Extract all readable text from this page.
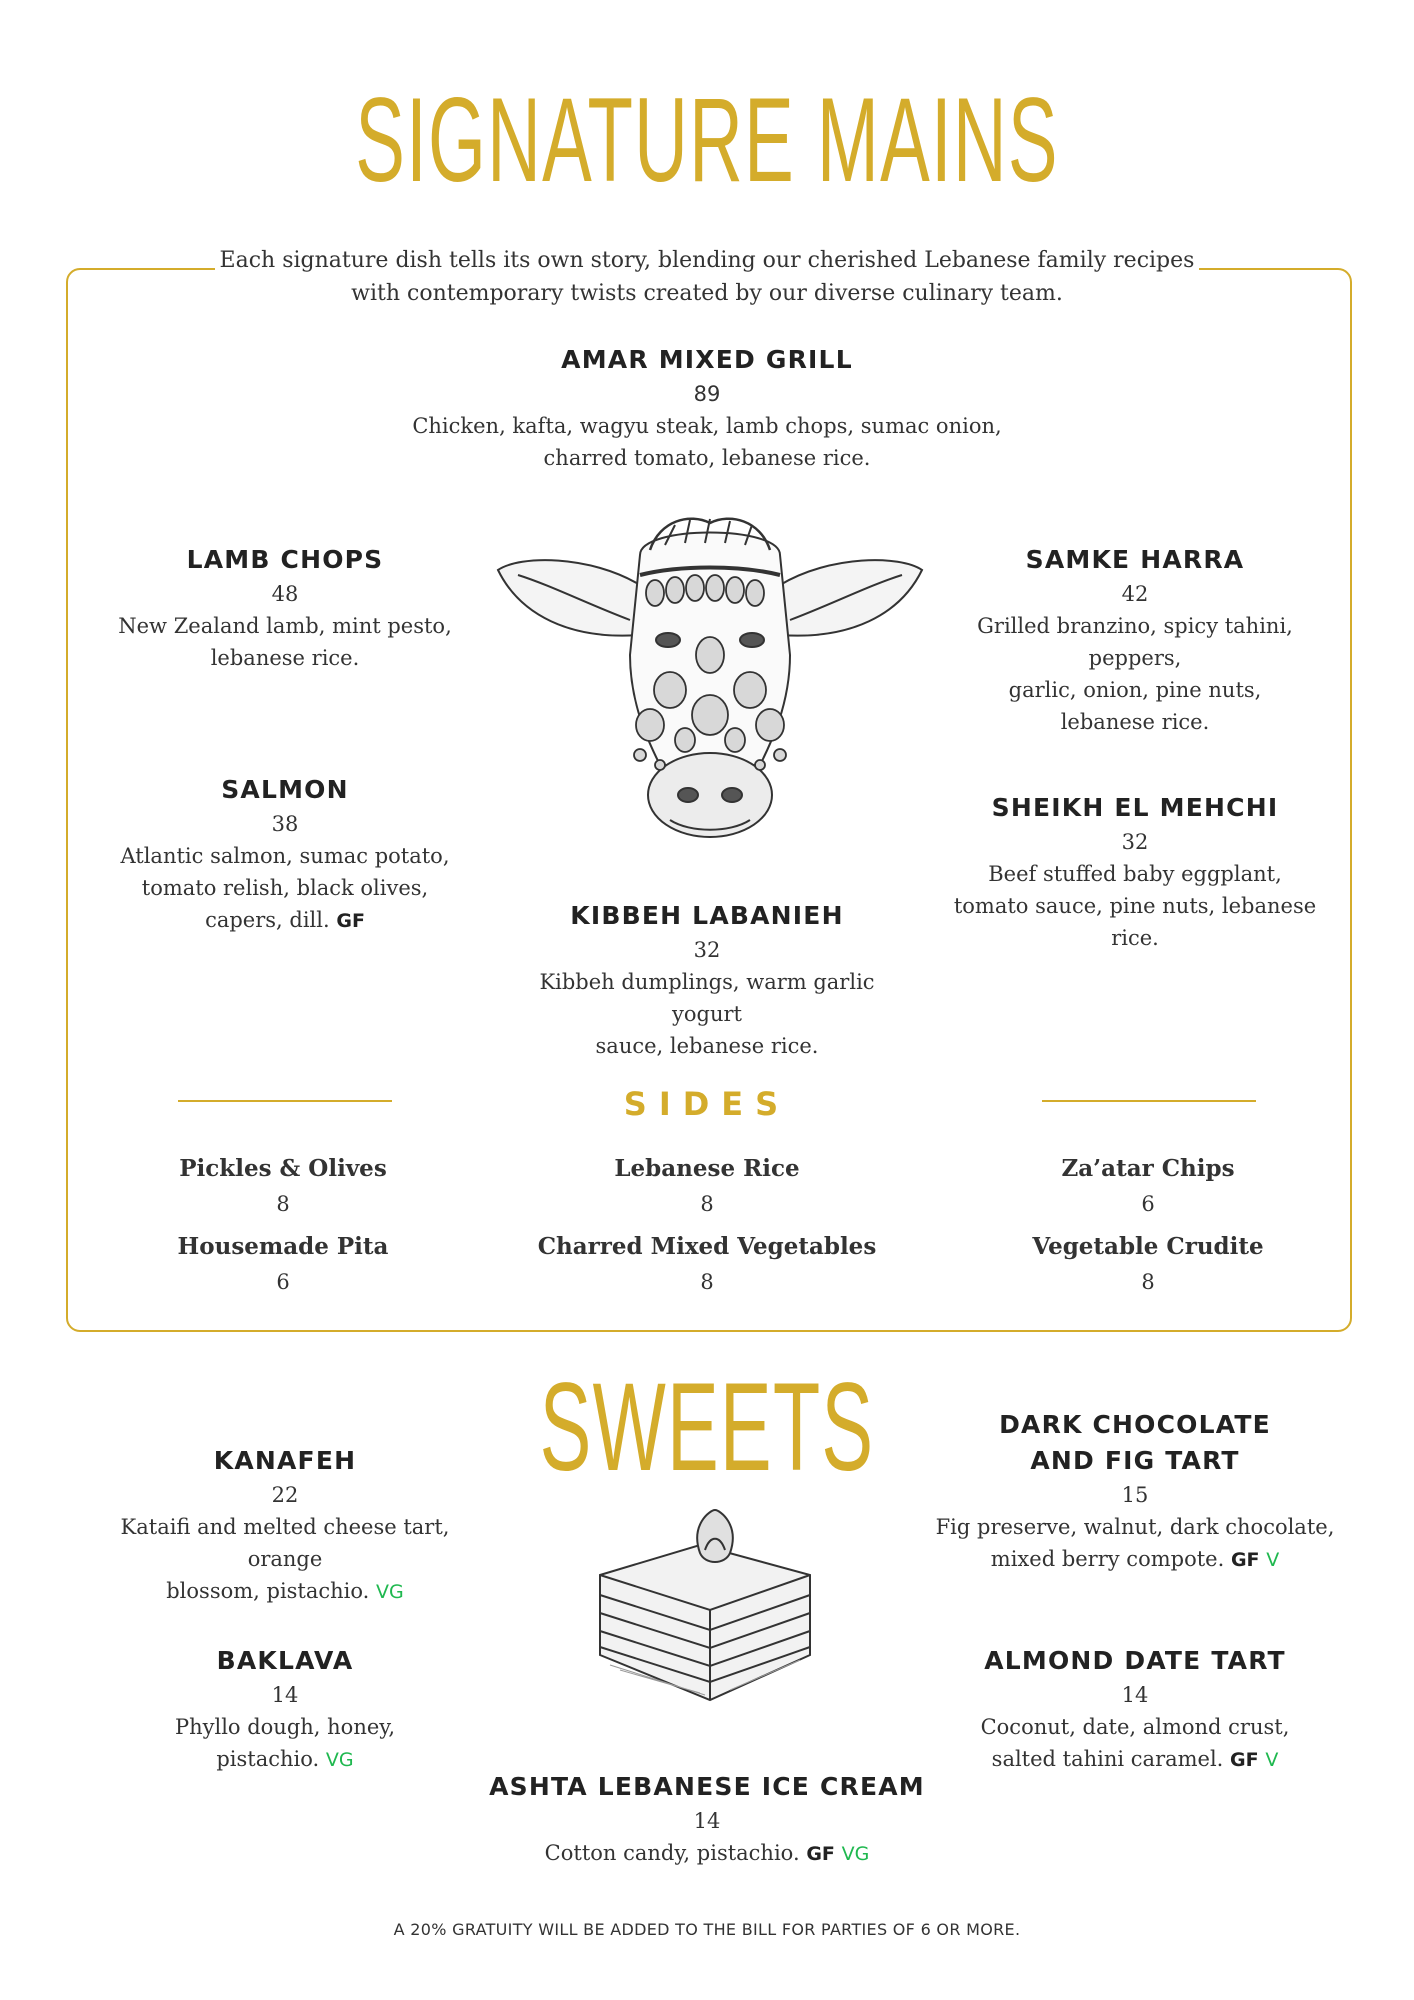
SIGNATURE MAINS
Each signature dish tells its own story, blending our cherished Lebanese family recipes
with contemporary twists created by our diverse culinary team.
AMAR MIXED GRILL
89
Chicken, kafta, wagyu steak, lamb chops, sumac onion,
charred tomato, lebanese rice.
LAMB CHOPS
48
New Zealand lamb, mint pesto,
lebanese rice.
SAMKE HARRA
42
Grilled branzino, spicy tahini, peppers,
garlic, onion, pine nuts,
lebanese rice.
SALMON
38
Atlantic salmon, sumac potato,
tomato relish, black olives,
capers, dill. GF
SHEIKH EL MEHCHI
32
Beef stuffed baby eggplant,
tomato sauce, pine nuts, lebanese rice.
KIBBEH LABANIEH
32
Kibbeh dumplings, warm garlic yogurt
sauce, lebanese rice.
SIDES
Pickles & Olives
8
Lebanese Rice
8
Za’atar Chips
6
Housemade Pita
6
Charred Mixed Vegetables
8
Vegetable Crudite
8
SWEETS
KANAFEH
22
Kataifi and melted cheese tart, orange
blossom, pistachio. VG
DARK CHOCOLATE
AND FIG TART
15
Fig preserve, walnut, dark chocolate,
mixed berry compote. GF V
BAKLAVA
14
Phyllo dough, honey,
pistachio. VG
ALMOND DATE TART
14
Coconut, date, almond crust,
salted tahini caramel. GF V
ASHTA LEBANESE ICE CREAM
14
Cotton candy, pistachio. GF VG
A 20% GRATUITY WILL BE ADDED TO THE BILL FOR PARTIES OF 6 OR MORE.
